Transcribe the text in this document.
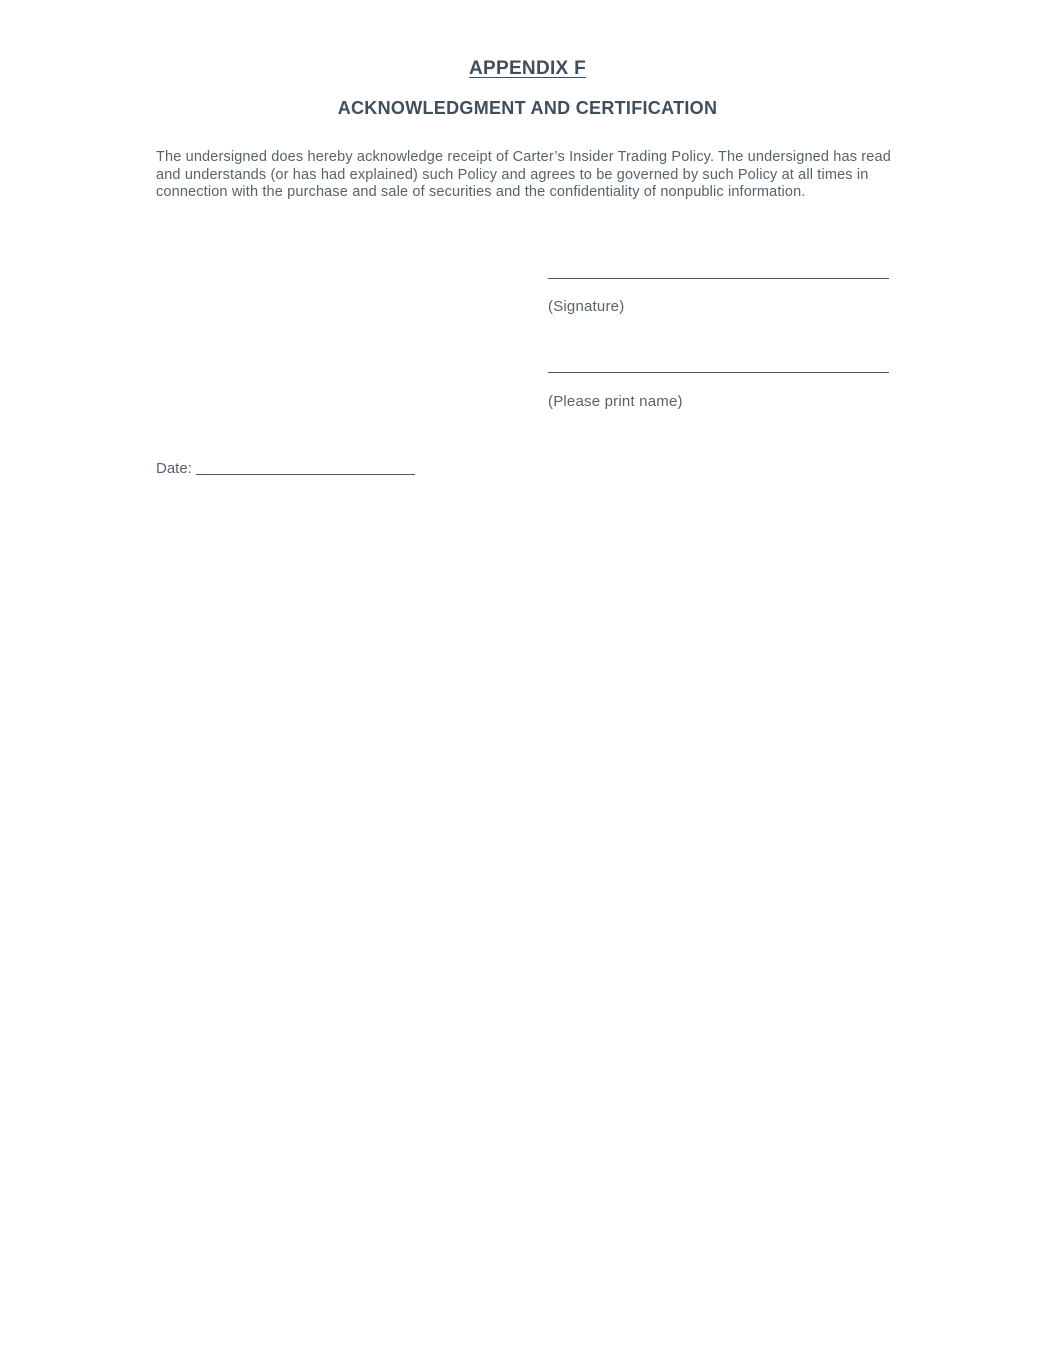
APPENDIX F
ACKNOWLEDGMENT AND CERTIFICATION
The undersigned does hereby acknowledge receipt of Carter’s Insider Trading Policy. The undersigned has read and understands (or has had explained) such Policy and agrees to be governed by such Policy at all times in connection with the purchase and sale of securities and the confidentiality of nonpublic information.
(Signature)
(Please print name)
Date:
